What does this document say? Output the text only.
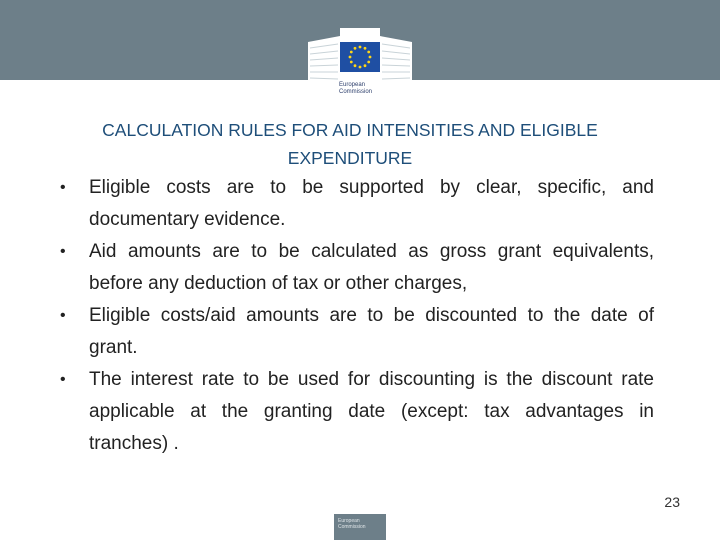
European
Commission
CALCULATION RULES FOR AID INTENSITIES AND ELIGIBLE
EXPENDITURE
• Eligible costs are to be supported by clear, specific, and documentary evidence.
• Aid amounts are to be calculated as gross grant equivalents, before any deduction of tax or other charges,
• Eligible costs/aid amounts are to be discounted to the date of grant.
• The interest rate to be used for discounting is the discount rate applicable at the granting date (except: tax advantages in tranches) .
23
European Commission
